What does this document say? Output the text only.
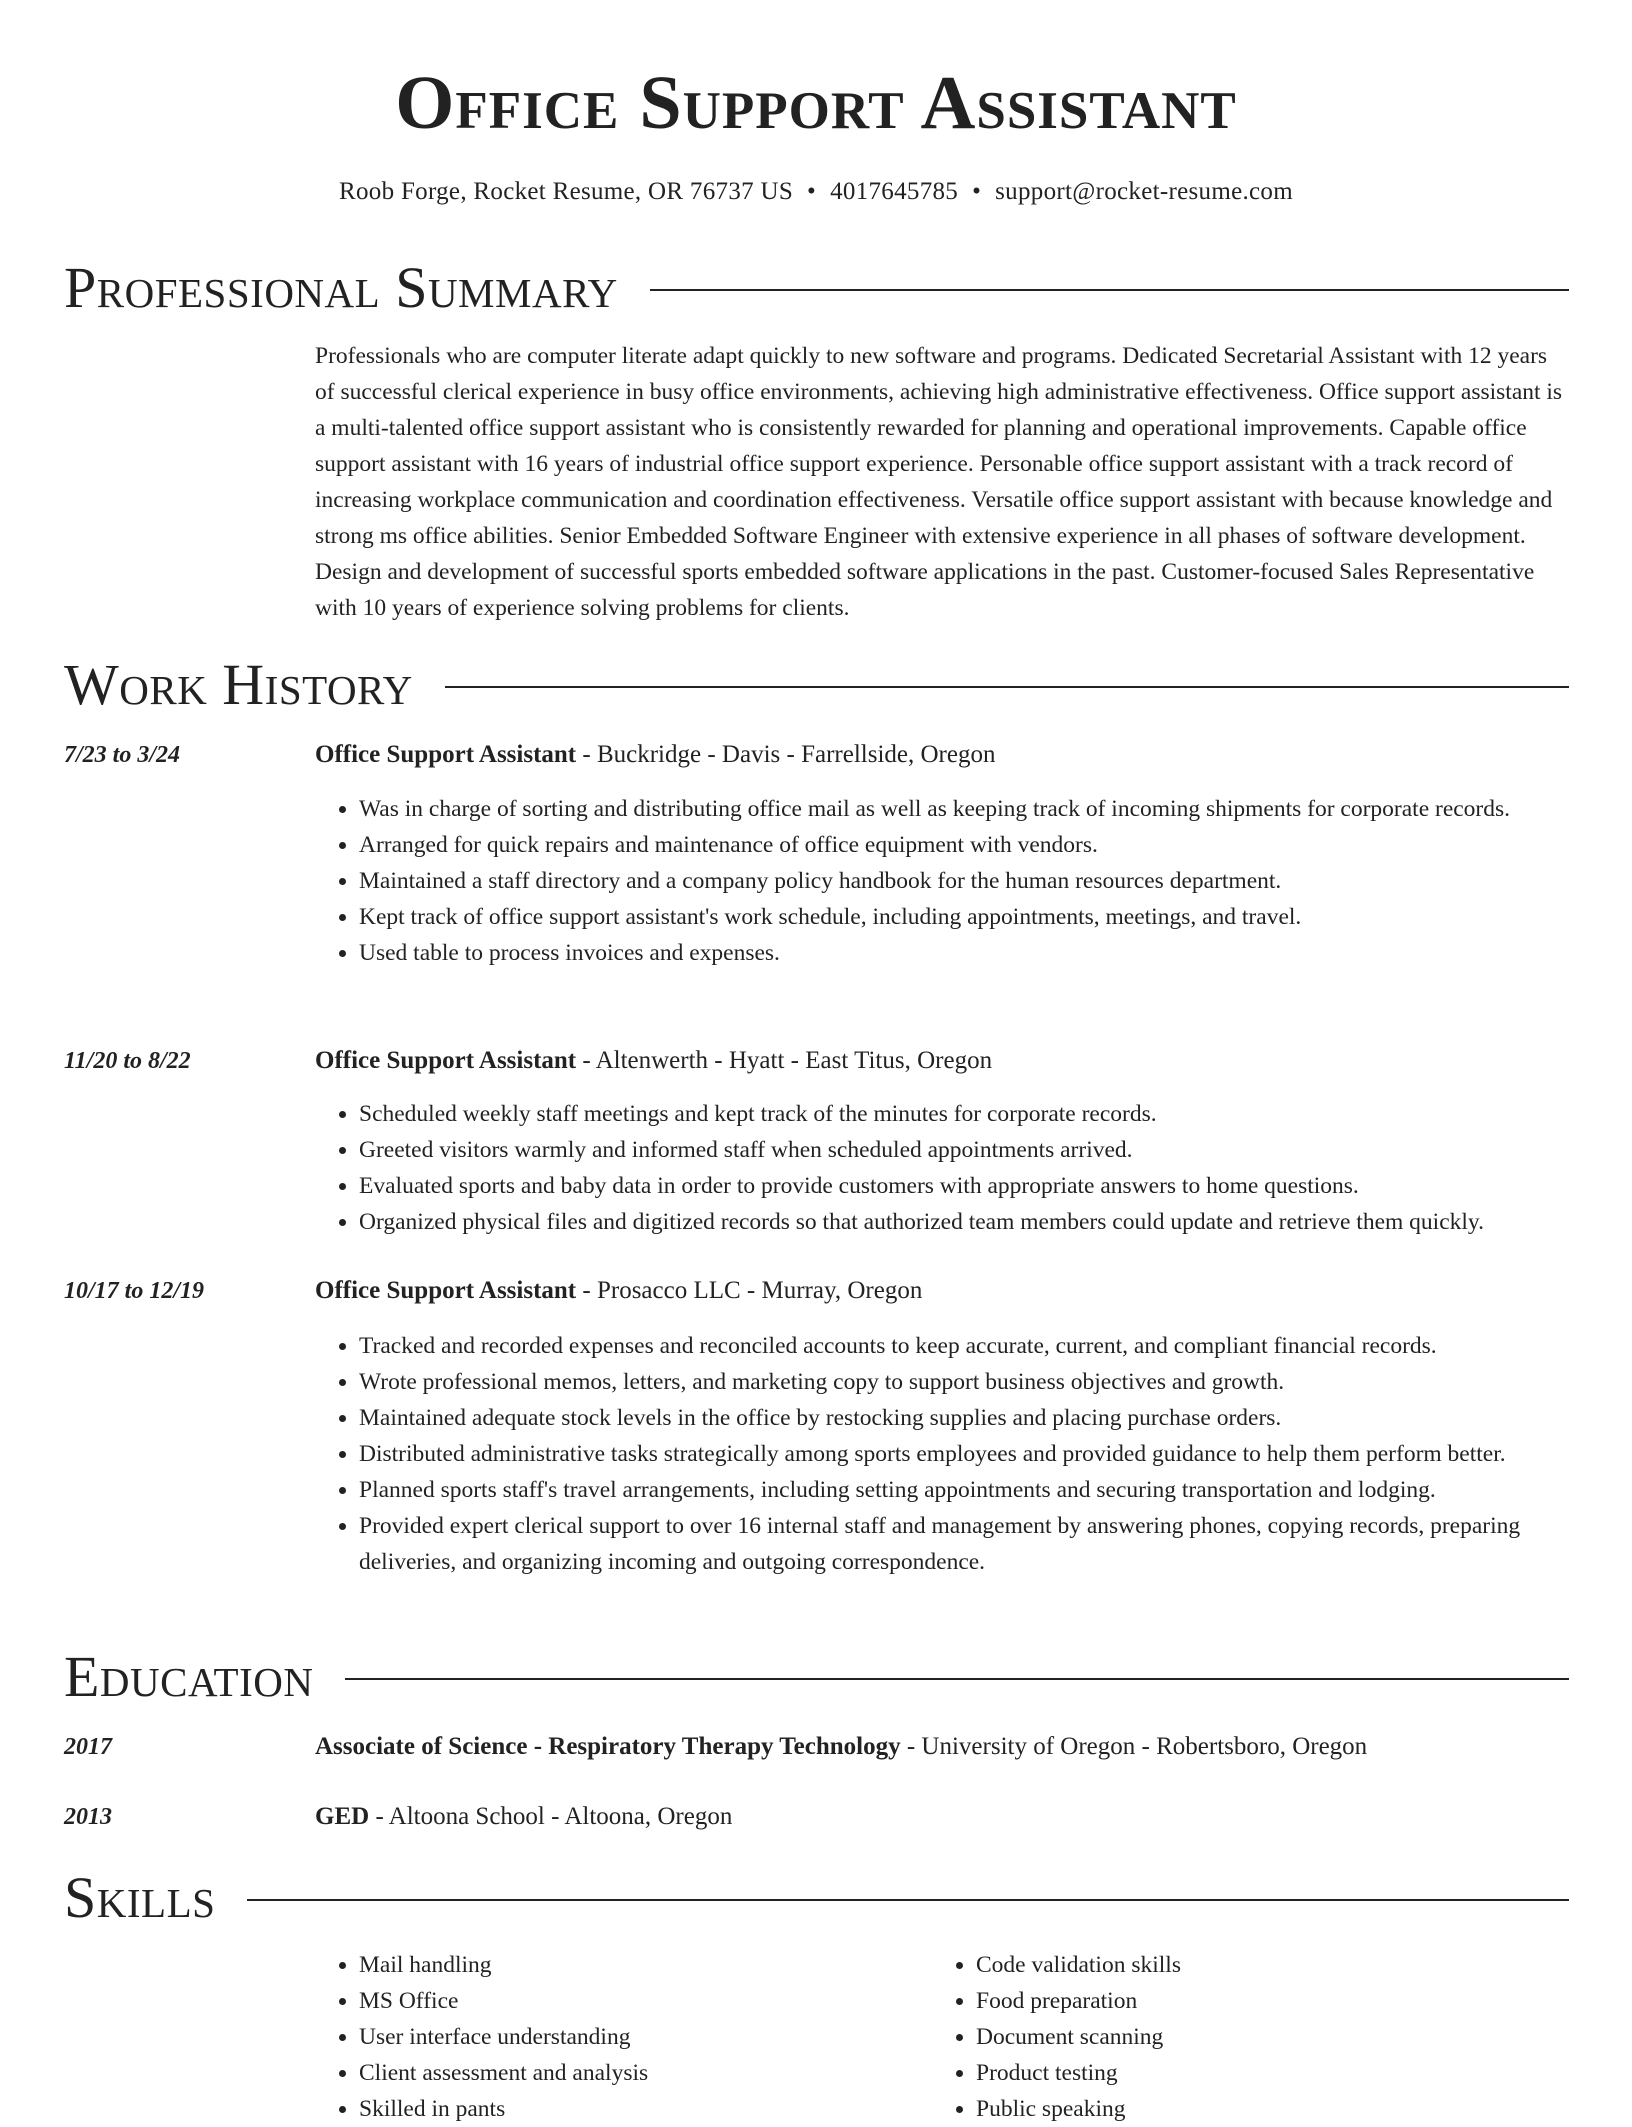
Office Support Assistant
Roob Forge, Rocket Resume, OR 76737 US • 4017645785 • support@rocket-resume.com
Professional Summary

Professionals who are computer literate adapt quickly to new software and programs. Dedicated Secretarial Assistant with 12 years of successful clerical experience in busy office environments, achieving high administrative effectiveness. Office support assistant is a multi-talented office support assistant who is consistently rewarded for planning and operational improvements. Capable office support assistant with 16 years of industrial office support experience. Personable office support assistant with a track record of increasing workplace communication and coordination effectiveness. Versatile office support assistant with because knowledge and strong ms office abilities. Senior Embedded Software Engineer with extensive experience in all phases of software development. Design and development of successful sports embedded software applications in the past. Customer-focused Sales Representative with 10 years of experience solving problems for clients.

Work History
7/23 to 3/24	Office Support Assistant - Buckridge - Davis - Farrellside, Oregon
• Was in charge of sorting and distributing office mail as well as keeping track of incoming shipments for corporate records.
• Arranged for quick repairs and maintenance of office equipment with vendors.
• Maintained a staff directory and a company policy handbook for the human resources department.
• Kept track of office support assistant's work schedule, including appointments, meetings, and travel.
• Used table to process invoices and expenses.
11/20 to 8/22	Office Support Assistant - Altenwerth - Hyatt - East Titus, Oregon
• Scheduled weekly staff meetings and kept track of the minutes for corporate records.
• Greeted visitors warmly and informed staff when scheduled appointments arrived.
• Evaluated sports and baby data in order to provide customers with appropriate answers to home questions.
• Organized physical files and digitized records so that authorized team members could update and retrieve them quickly.
10/17 to 12/19	Office Support Assistant - Prosacco LLC - Murray, Oregon
• Tracked and recorded expenses and reconciled accounts to keep accurate, current, and compliant financial records.
• Wrote professional memos, letters, and marketing copy to support business objectives and growth.
• Maintained adequate stock levels in the office by restocking supplies and placing purchase orders.
• Distributed administrative tasks strategically among sports employees and provided guidance to help them perform better.
• Planned sports staff's travel arrangements, including setting appointments and securing transportation and lodging.
• Provided expert clerical support to over 16 internal staff and management by answering phones, copying records, preparing deliveries, and organizing incoming and outgoing correspondence.
Education
2017	Associate of Science - Respiratory Therapy Technology - University of Oregon - Robertsboro, Oregon
2013	GED - Altoona School - Altoona, Oregon
Skills
• Mail handling
• MS Office
• User interface understanding
• Client assessment and analysis
• Skilled in pants
• Code validation skills
• Food preparation
• Document scanning
• Product testing
• Public speaking
